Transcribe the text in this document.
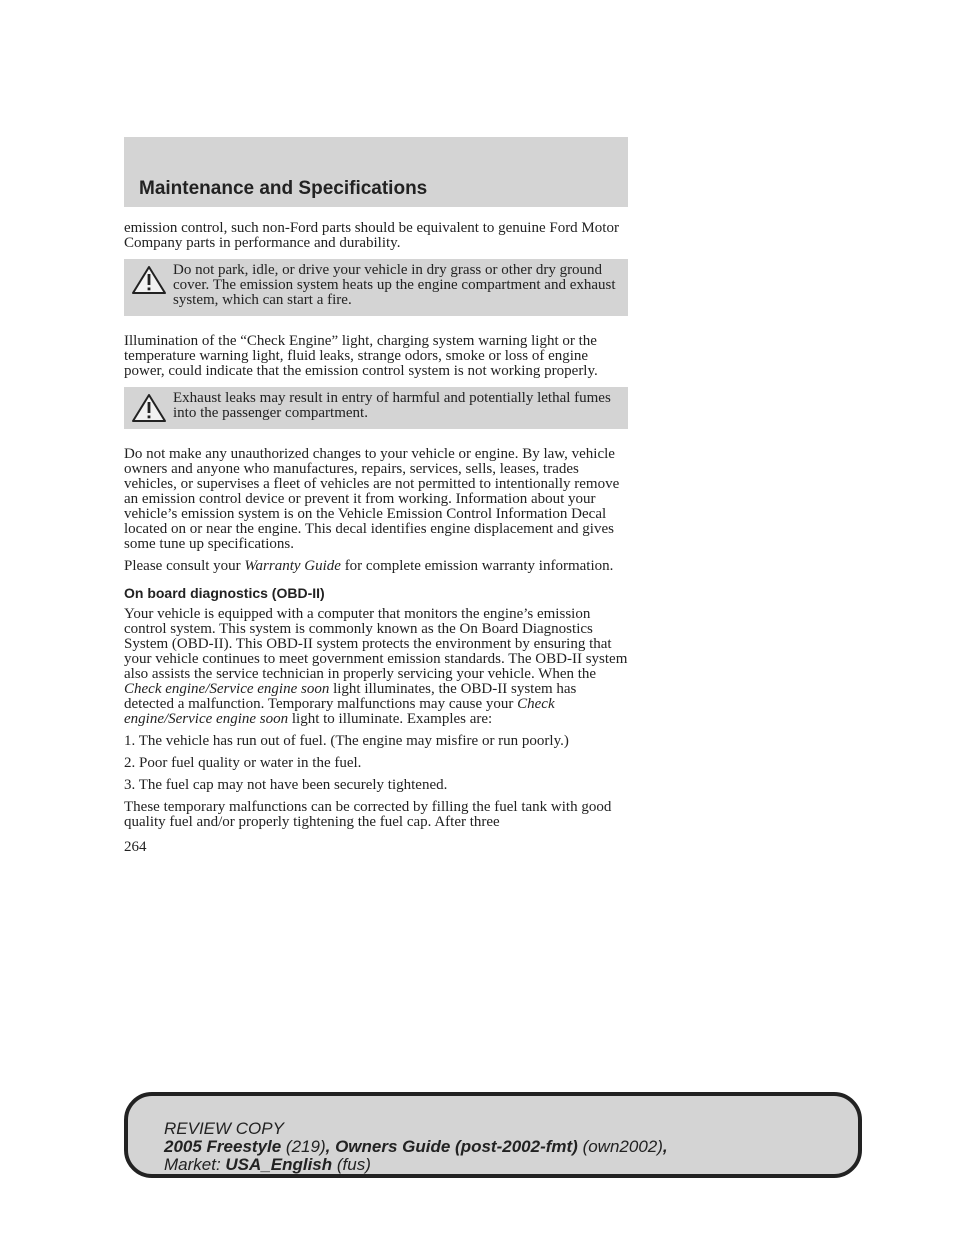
Maintenance and Specifications

emission control, such non-Ford parts should be equivalent to genuine Ford Motor Company parts in performance and durability.

Do not park, idle, or drive your vehicle in dry grass or other dry ground cover. The emission system heats up the engine compartment and exhaust system, which can start a fire.

Illumination of the “Check Engine” light, charging system warning light or the temperature warning light, fluid leaks, strange odors, smoke or loss of engine power, could indicate that the emission control system is not working properly.

Exhaust leaks may result in entry of harmful and potentially lethal fumes into the passenger compartment.

Do not make any unauthorized changes to your vehicle or engine. By law, vehicle owners and anyone who manufactures, repairs, services, sells, leases, trades vehicles, or supervises a fleet of vehicles are not permitted to intentionally remove an emission control device or prevent it from working. Information about your vehicle’s emission system is on the Vehicle Emission Control Information Decal located on or near the engine. This decal identifies engine displacement and gives some tune up specifications.

Please consult your Warranty Guide for complete emission warranty information.

On board diagnostics (OBD-II)

Your vehicle is equipped with a computer that monitors the engine’s emission control system. This system is commonly known as the On Board Diagnostics System (OBD-II). This OBD-II system protects the environment by ensuring that your vehicle continues to meet government emission standards. The OBD-II system also assists the service technician in properly servicing your vehicle. When the Check engine/Service engine soon light illuminates, the OBD-II system has detected a malfunction. Temporary malfunctions may cause your Check engine/Service engine soon light to illuminate. Examples are:

1. The vehicle has run out of fuel. (The engine may misfire or run poorly.)

2. Poor fuel quality or water in the fuel.

3. The fuel cap may not have been securely tightened.

These temporary malfunctions can be corrected by filling the fuel tank with good quality fuel and/or properly tightening the fuel cap. After three

264
REVIEW COPY
2005 Freestyle (219), Owners Guide (post-2002-fmt) (own2002),
Market: USA_English (fus)
